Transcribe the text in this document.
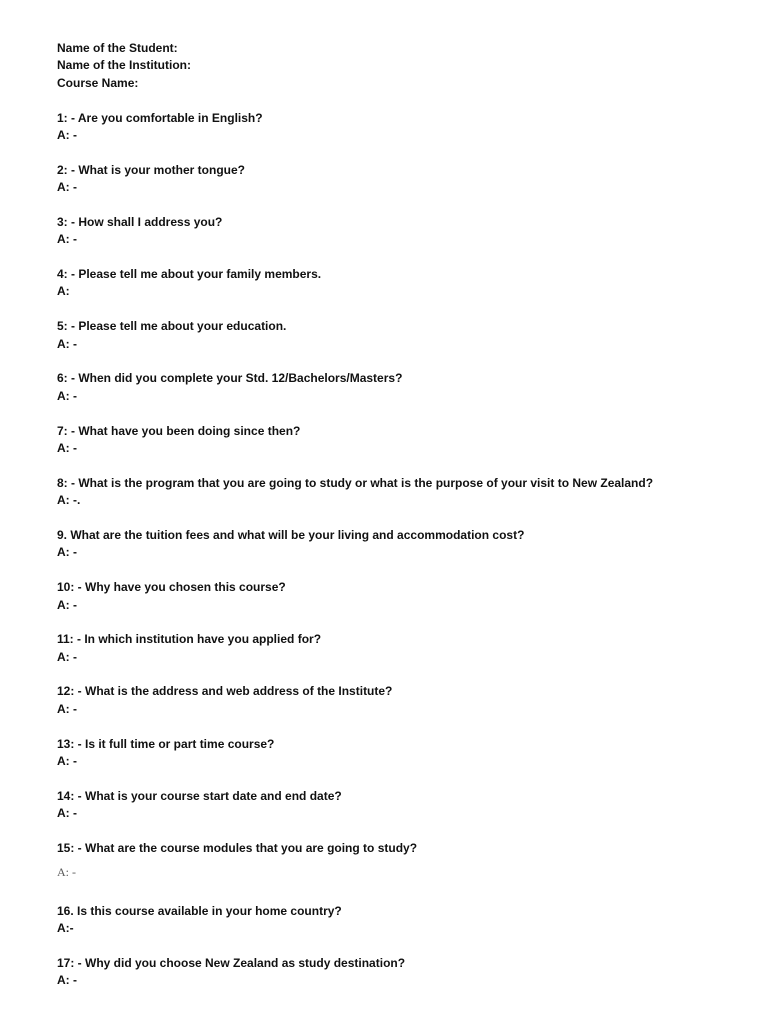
Name of the Student:
Name of the Institution:
Course Name:
1: - Are you comfortable in English?
A: -
2: - What is your mother tongue?
A: -
3: - How shall I address you?
A: -
4: - Please tell me about your family members.
A:
5: - Please tell me about your education.
A: -
6: - When did you complete your Std. 12/Bachelors/Masters?
A: -
7: - What have you been doing since then?
A: -
8: - What is the program that you are going to study or what is the purpose of your visit to New Zealand?
A: -.
9. What are the tuition fees and what will be your living and accommodation cost?
A: -
10: - Why have you chosen this course?
A: -
11: - In which institution have you applied for?
A: -
12: - What is the address and web address of the Institute?
A: -
13: - Is it full time or part time course?
A: -
14: - What is your course start date and end date?
A: -
15: - What are the course modules that you are going to study?
A: -
16. Is this course available in your home country?
A:-
17: - Why did you choose New Zealand as study destination?
A: -
